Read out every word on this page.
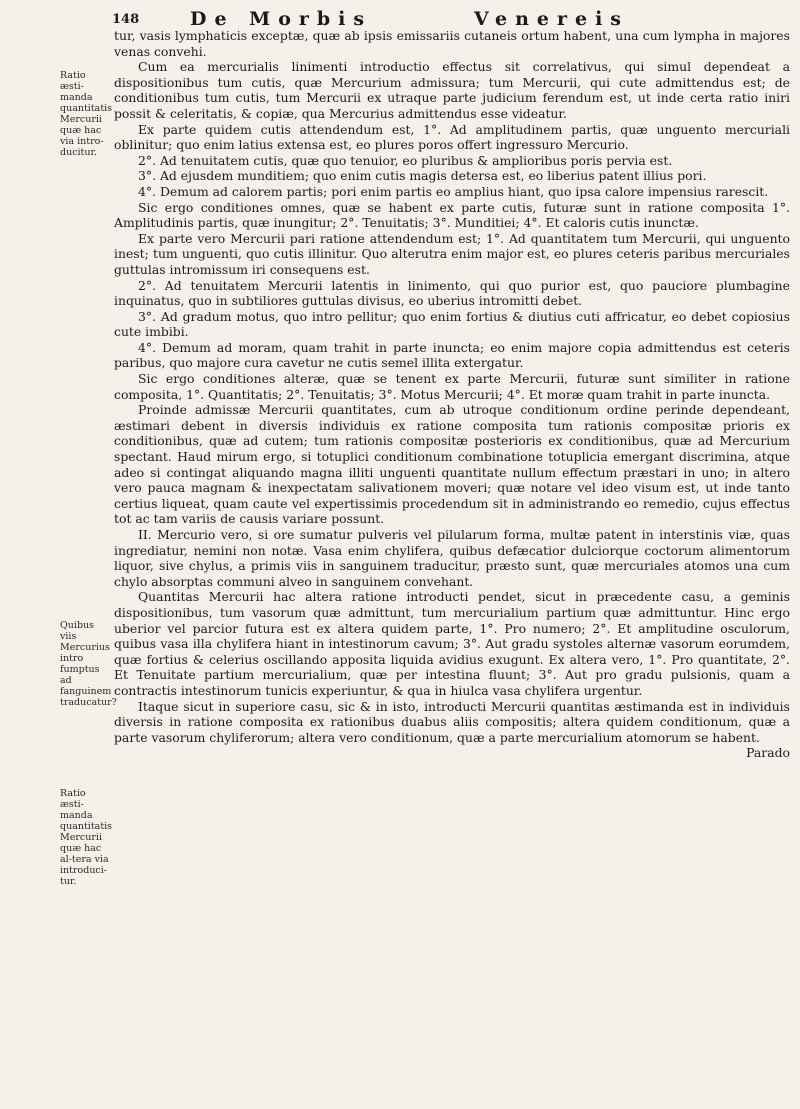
148	De Morbis	Venereis
Ratio æsti-manda quantitatis Mercurii quæ hac via intro-ducitur.
Quibus viis Mercurius intro fumptus ad fanguinem traducatur?
Ratio æsti-manda quantitatis Mercurii quæ hac al-tera via introduci-tur.

tur, vasis lymphaticis exceptæ, quæ ab ipsis emissariis cutaneis ortum habent, una cum lympha in majores venas convehi.

Cum ea mercurialis linimenti introductio effectus sit correlativus, qui simul dependeat a dispositionibus tum cutis, quæ Mercurium admissura; tum Mercurii, qui cute admittendus est; de conditionibus tum cutis, tum Mercurii ex utraque parte judicium ferendum est, ut inde certa ratio iniri possit & celeritatis, & copiæ, qua Mercurius admittendus esse videatur.

Ex parte quidem cutis attendendum est, 1°. Ad amplitudinem partis, quæ unguento mercuriali oblinitur; quo enim latius extensa est, eo plures poros offert ingressuro Mercurio.

2°. Ad tenuitatem cutis, quæ quo tenuior, eo pluribus & amplioribus poris pervia est.

3°. Ad ejusdem munditiem; quo enim cutis magis detersa est, eo liberius patent illius pori.

4°. Demum ad calorem partis; pori enim partis eo amplius hiant, quo ipsa calore impensius rarescit.

Sic ergo conditiones omnes, quæ se habent ex parte cutis, futuræ sunt in ratione composita 1°. Amplitudinis partis, quæ inungitur; 2°. Tenuitatis; 3°. Munditiei; 4°. Et caloris cutis inunctæ.

Ex parte vero Mercurii pari ratione attendendum est; 1°. Ad quantitatem tum Mercurii, qui unguento inest; tum unguenti, quo cutis illinitur. Quo alterutra enim major est, eo plures ceteris paribus mercuriales guttulas intromissum iri consequens est.

2°. Ad tenuitatem Mercurii latentis in linimento, qui quo purior est, quo pauciore plumbagine inquinatus, quo in subtiliores guttulas divisus, eo uberius intromitti debet.

3°. Ad gradum motus, quo intro pellitur; quo enim fortius & diutius cuti affricatur, eo debet copiosius cute imbibi.

4°. Demum ad moram, quam trahit in parte inuncta; eo enim majore copia admittendus est ceteris paribus, quo majore cura cavetur ne cutis semel illita extergatur.

Sic ergo conditiones alteræ, quæ se tenent ex parte Mercurii, futuræ sunt similiter in ratione composita, 1°. Quantitatis; 2°. Tenuitatis; 3°. Motus Mercurii; 4°. Et moræ quam trahit in parte inuncta.

Proinde admissæ Mercurii quantitates, cum ab utroque conditionum ordine perinde dependeant, æstimari debent in diversis individuis ex ratione composita tum rationis compositæ prioris ex conditionibus, quæ ad cutem; tum rationis compositæ posterioris ex conditionibus, quæ ad Mercurium spectant. Haud mirum ergo, si totuplici conditionum combinatione totuplicia emergant discrimina, atque adeo si contingat aliquando magna illiti unguenti quantitate nullum effectum præstari in uno; in altero vero pauca magnam & inexpectatam salivationem moveri; quæ notare vel ideo visum est, ut inde tanto certius liqueat, quam caute vel expertissimis procedendum sit in administrando eo remedio, cujus effectus tot ac tam variis de causis variare possunt.

II. Mercurio vero, si ore sumatur pulveris vel pilularum forma, multæ patent in interstinis viæ, quas ingrediatur, nemini non notæ. Vasa enim chylifera, quibus defæcatior dulciorque coctorum alimentorum liquor, sive chylus, a primis viis in sanguinem traducitur, præsto sunt, quæ mercuriales atomos una cum chylo absorptas communi alveo in sanguinem convehant.

Quantitas Mercurii hac altera ratione introducti pendet, sicut in præcedente casu, a geminis dispositionibus, tum vasorum quæ admittunt, tum mercurialium partium quæ admittuntur. Hinc ergo uberior vel parcior futura est ex altera quidem parte, 1°. Pro numero; 2°. Et amplitudine osculorum, quibus vasa illa chylifera hiant in intestinorum cavum; 3°. Aut gradu systoles alternæ vasorum eorumdem, quæ fortius & celerius oscillando apposita liquida avidius exugunt. Ex altera vero, 1°. Pro quantitate, 2°. Et Tenuitate partium mercurialium, quæ per intestina fluunt; 3°. Aut pro gradu pulsionis, quam a contractis intestinorum tunicis experiuntur, & qua in hiulca vasa chylifera urgentur.

Itaque sicut in superiore casu, sic & in isto, introducti Mercurii quantitas æstimanda est in individuis diversis in ratione composita ex rationibus duabus aliis compositis; altera quidem conditionum, quæ a parte vasorum chyliferorum; altera vero conditionum, quæ a parte mercurialium atomorum se habent.

Parado
